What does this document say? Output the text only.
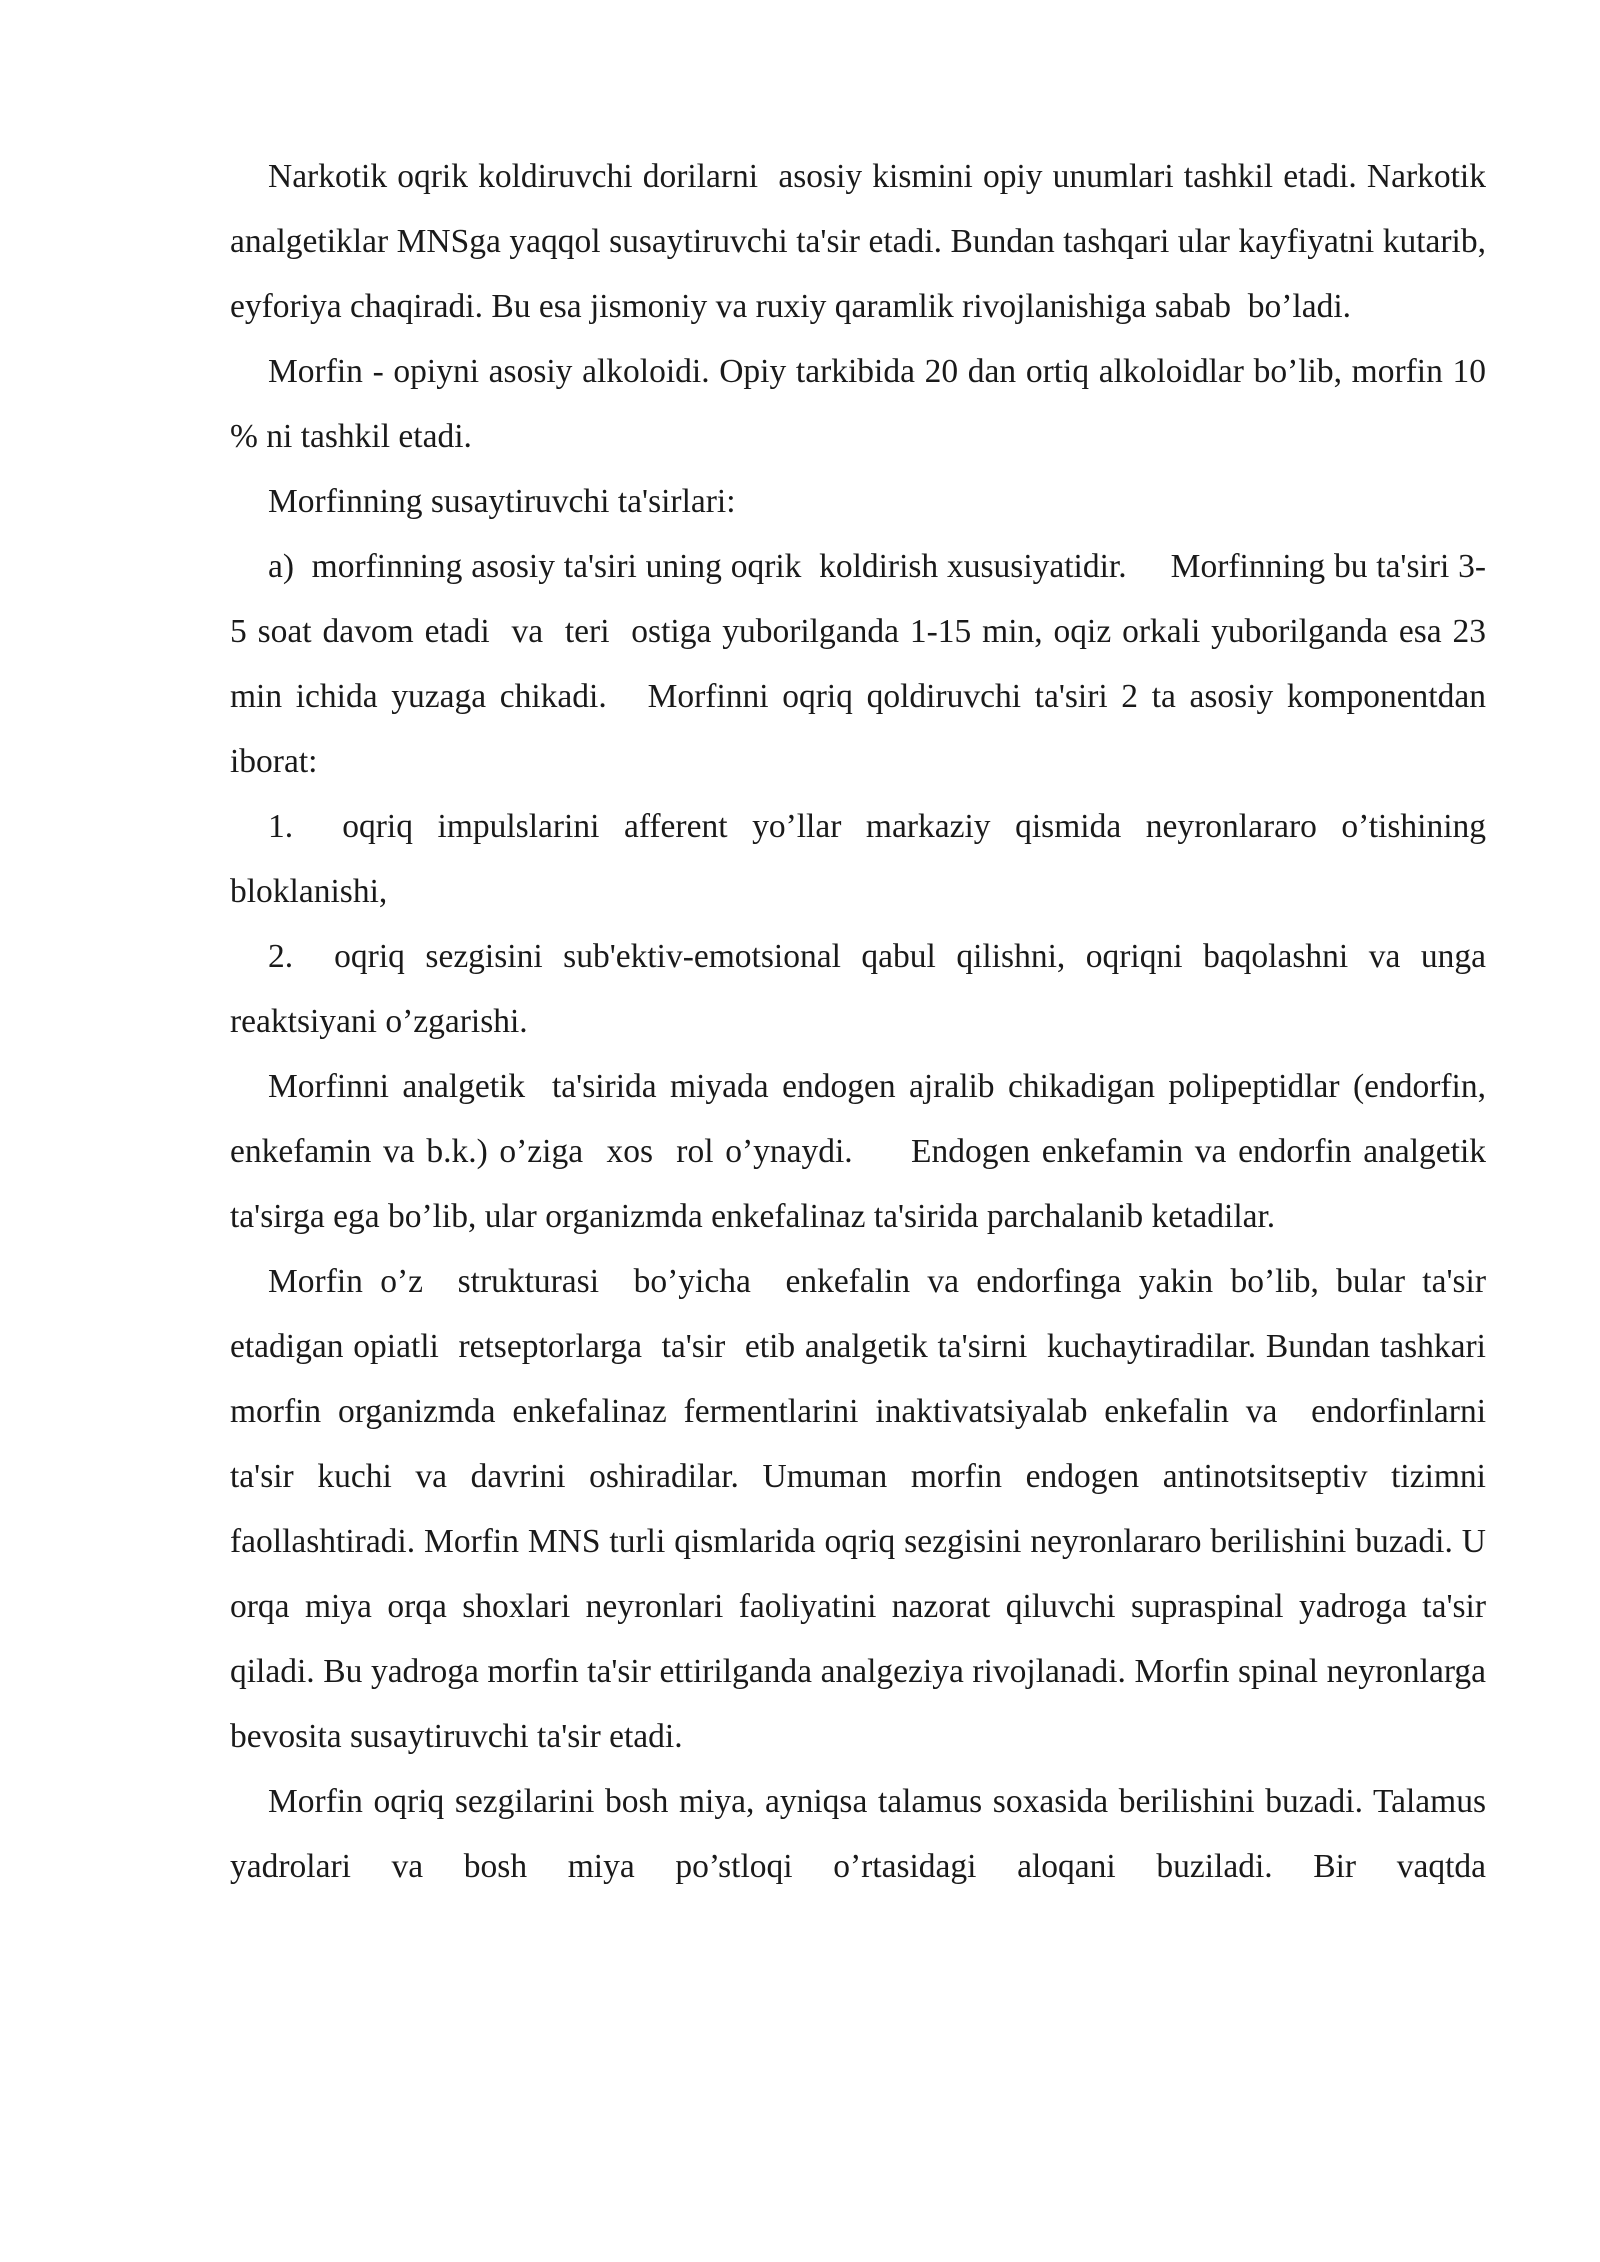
Narkotik oqrik koldiruvchi dorilarni  asosiy kismini opiy unumlari tashkil etadi. Narkotik analgetiklar MNSga yaqqol susaytiruvchi ta'sir etadi. Bundan tashqari ular kayfiyatni kutarib, eyforiya chaqiradi. Bu esa jismoniy va ruxiy qaramlik rivojlanishiga sabab  bo’ladi.

Morfin - opiyni asosiy alkoloidi. Opiy tarkibida 20 dan ortiq alkoloidlar bo’lib, morfin 10 % ni tashkil etadi.

Morfinning susaytiruvchi ta'sirlari:

a)  morfinning asosiy ta'siri uning oqrik  koldirish xususiyatidir.     Morfinning bu ta'siri 3-5 soat davom etadi  va  teri  ostiga yuborilganda 1-15 min, oqiz orkali yuborilganda esa 23 min ichida yuzaga chikadi.   Morfinni oqriq qoldiruvchi ta'siri 2 ta asosiy komponentdan iborat:

1.  oqriq impulslarini afferent yo’llar markaziy qismida neyronlararo o’tishining bloklanishi,

2.  oqriq sezgisini sub'ektiv-emotsional qabul qilishni, oqriqni baqolashni va unga reaktsiyani o’zgarishi.

Morfinni analgetik  ta'sirida miyada endogen ajralib chikadigan polipeptidlar (endorfin,  enkefamin va b.k.) o’ziga  xos  rol o’ynaydi.     Endogen enkefamin va endorfin analgetik ta'sirga ega bo’lib, ular organizmda enkefalinaz ta'sirida parchalanib ketadilar.

Morfin o’z  strukturasi  bo’yicha  enkefalin va endorfinga yakin bo’lib, bular ta'sir etadigan opiatli  retseptorlarga  ta'sir  etib analgetik ta'sirni  kuchaytiradilar. Bundan tashkari morfin organizmda enkefalinaz fermentlarini inaktivatsiyalab enkefalin va  endorfinlarni ta'sir kuchi va davrini oshiradilar. Umuman morfin endogen antinotsitseptiv tizimni faollashtiradi. Morfin MNS turli qismlarida oqriq sezgisini neyronlararo berilishini buzadi. U orqa miya orqa shoxlari neyronlari faoliyatini nazorat qiluvchi supraspinal yadroga ta'sir qiladi. Bu yadroga morfin ta'sir ettirilganda analgeziya rivojlanadi. Morfin spinal neyronlarga bevosita susaytiruvchi ta'sir etadi.

Morfin oqriq sezgilarini bosh miya, ayniqsa talamus soxasida berilishini buzadi. Talamus yadrolari va bosh miya po’stloqi o’rtasidagi aloqani buziladi. Bir vaqtda
